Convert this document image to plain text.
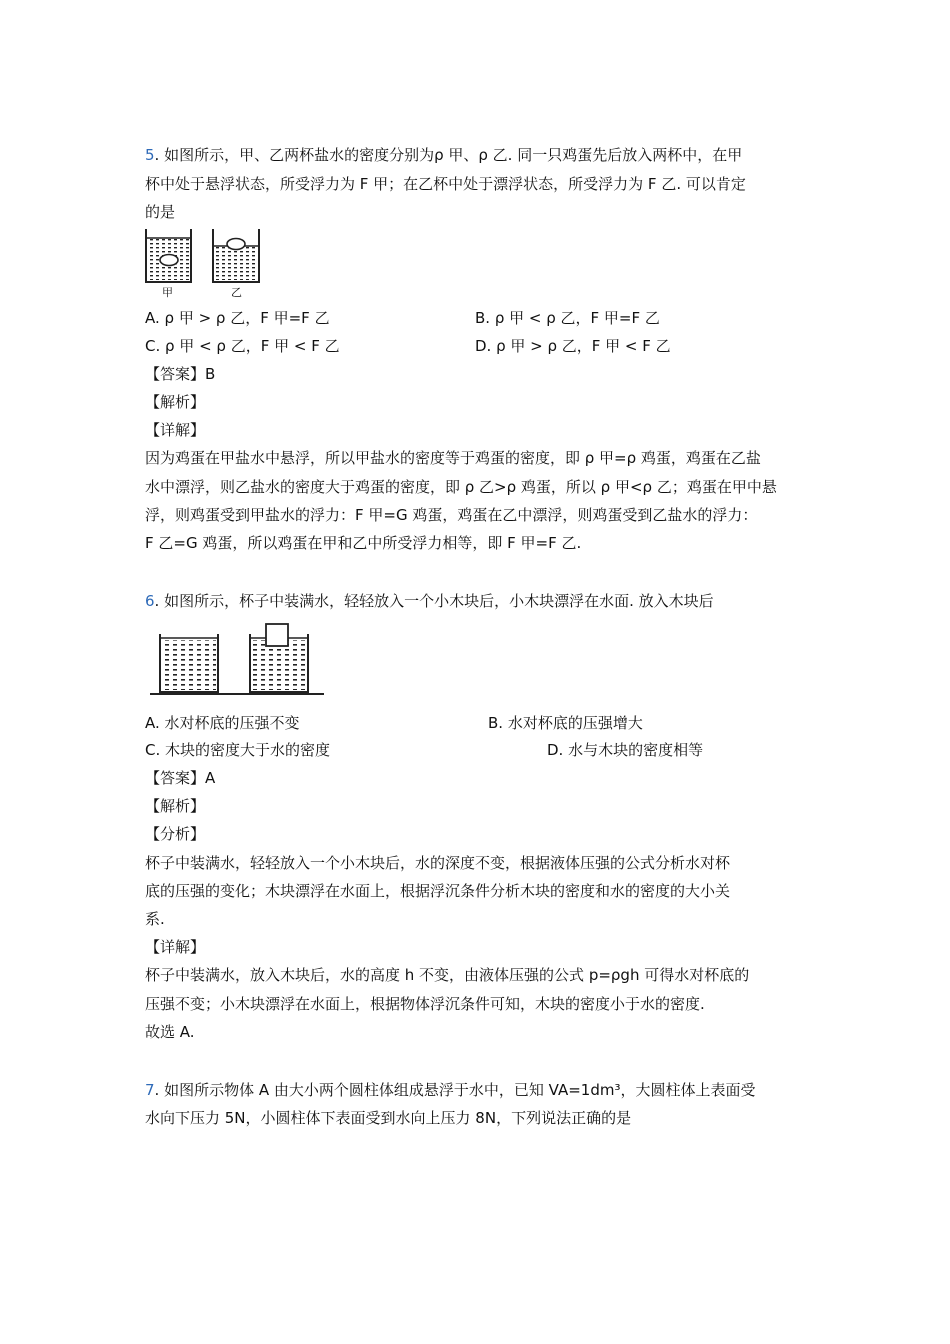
5. 如图所示，甲、乙两杯盐水的密度分别为ρ 甲、ρ 乙. 同一只鸡蛋先后放入两杯中，在甲
杯中处于悬浮状态，所受浮力为 F 甲；在乙杯中处于漂浮状态，所受浮力为 F 乙. 可以肯定
的是
甲	乙
A. ρ 甲 > ρ 乙，F 甲=F 乙	B. ρ 甲 < ρ 乙，F 甲=F 乙
C. ρ 甲 < ρ 乙，F 甲 < F 乙	D. ρ 甲 > ρ 乙，F 甲 < F 乙
【答案】B
【解析】
【详解】
因为鸡蛋在甲盐水中悬浮，所以甲盐水的密度等于鸡蛋的密度，即 ρ 甲=ρ 鸡蛋，鸡蛋在乙盐
水中漂浮，则乙盐水的密度大于鸡蛋的密度，即 ρ 乙>ρ 鸡蛋，所以 ρ 甲<ρ 乙；鸡蛋在甲中悬
浮，则鸡蛋受到甲盐水的浮力：F 甲=G 鸡蛋，鸡蛋在乙中漂浮，则鸡蛋受到乙盐水的浮力：
F 乙=G 鸡蛋，所以鸡蛋在甲和乙中所受浮力相等，即 F 甲=F 乙.
6. 如图所示，杯子中装满水，轻轻放入一个小木块后，小木块漂浮在水面. 放入木块后
A. 水对杯底的压强不变	B. 水对杯底的压强增大
C. 木块的密度大于水的密度	D. 水与木块的密度相等
【答案】A
【解析】
【分析】
杯子中装满水，轻轻放入一个小木块后，水的深度不变，根据液体压强的公式分析水对杯
底的压强的变化；木块漂浮在水面上，根据浮沉条件分析木块的密度和水的密度的大小关
系.
【详解】
杯子中装满水，放入木块后，水的高度 h 不变，由液体压强的公式 p=ρgh 可得水对杯底的
压强不变；小木块漂浮在水面上，根据物体浮沉条件可知，木块的密度小于水的密度.
故选 A.
7. 如图所示物体 A 由大小两个圆柱体组成悬浮于水中，已知 VA=1dm³，大圆柱体上表面受
水向下压力 5N，小圆柱体下表面受到水向上压力 8N，下列说法正确的是
